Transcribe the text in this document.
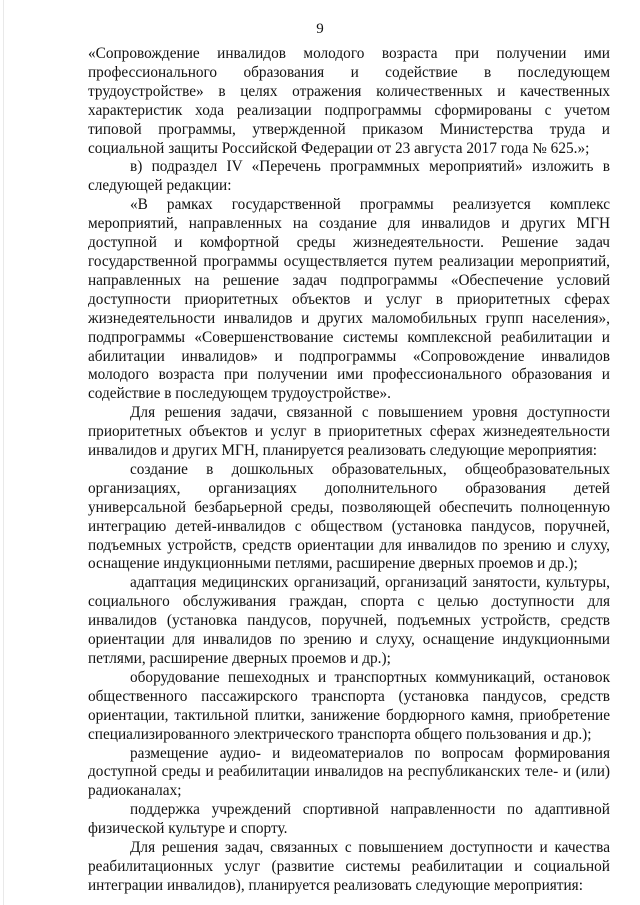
9

«Сопровождение инвалидов молодого возраста при получении ими профессионального образования и содействие в последующем трудоустройстве» в целях отражения количественных и качественных характеристик хода реализации подпрограммы сформированы с учетом типовой программы, утвержденной приказом Министерства труда и социальной защиты Российской Федерации от 23 августа 2017 года № 625.»;

в) подраздел IV «Перечень программных мероприятий» изложить в следующей редакции:

«В рамках государственной программы реализуется комплекс мероприятий, направленных на создание для инвалидов и других МГН доступной и комфортной среды жизнедеятельности. Решение задач государственной программы осуществляется путем реализации мероприятий, направленных на решение задач подпрограммы «Обеспечение условий доступности приоритетных объектов и услуг в приоритетных сферах жизнедеятельности инвалидов и других маломобильных групп населения», подпрограммы «Совершенствование системы комплексной реабилитации и абилитации инвалидов» и подпрограммы «Сопровождение инвалидов молодого возраста при получении ими профессионального образования и содействие в последующем трудоустройстве».

Для решения задачи, связанной с повышением уровня доступности приоритетных объектов и услуг в приоритетных сферах жизнедеятельности инвалидов и других МГН, планируется реализовать следующие мероприятия:

создание в дошкольных образовательных, общеобразовательных организациях, организациях дополнительного образования детей универсальной безбарьерной среды, позволяющей обеспечить полноценную интеграцию детей-инвалидов с обществом (установка пандусов, поручней, подъемных устройств, средств ориентации для инвалидов по зрению и слуху, оснащение индукционными петлями, расширение дверных проемов и др.);

адаптация медицинских организаций, организаций занятости, культуры, социального обслуживания граждан, спорта с целью доступности для инвалидов (установка пандусов, поручней, подъемных устройств, средств ориентации для инвалидов по зрению и слуху, оснащение индукционными петлями, расширение дверных проемов и др.);

оборудование пешеходных и транспортных коммуникаций, остановок общественного пассажирского транспорта (установка пандусов, средств ориентации, тактильной плитки, занижение бордюрного камня, приобретение специализированного электрического транспорта общего пользования и др.);

размещение аудио- и видеоматериалов по вопросам формирования доступной среды и реабилитации инвалидов на республиканских теле- и (или) радиоканалах;

поддержка учреждений спортивной направленности по адаптивной физической культуре и спорту.

Для решения задач, связанных с повышением доступности и качества реабилитационных услуг (развитие системы реабилитации и социальной интеграции инвалидов), планируется реализовать следующие мероприятия:
